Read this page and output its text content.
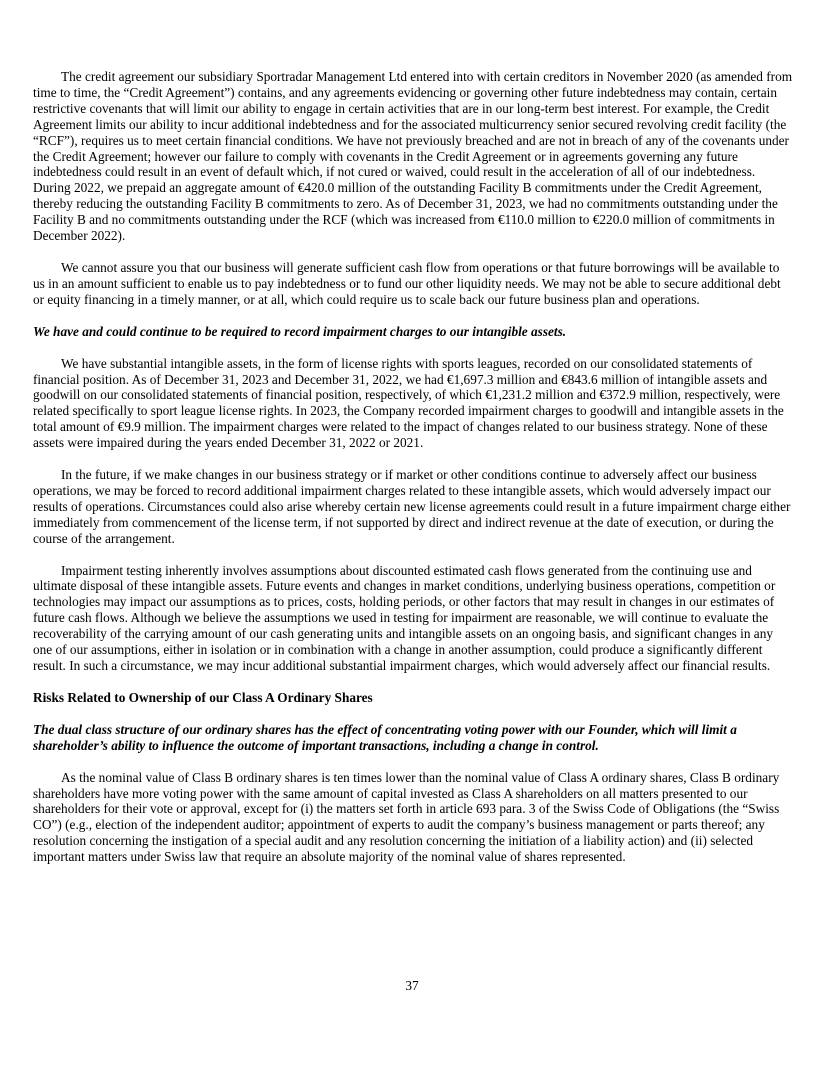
The credit agreement our subsidiary Sportradar Management Ltd entered into with certain creditors in November 2020 (as amended from time to time, the “Credit Agreement”) contains, and any agreements evidencing or governing other future indebtedness may contain, certain restrictive covenants that will limit our ability to engage in certain activities that are in our long-term best interest. For example, the Credit Agreement limits our ability to incur additional indebtedness and for the associated multicurrency senior secured revolving credit facility (the “RCF”), requires us to meet certain financial conditions. We have not previously breached and are not in breach of any of the covenants under the Credit Agreement; however our failure to comply with covenants in the Credit Agreement or in agreements governing any future indebtedness could result in an event of default which, if not cured or waived, could result in the acceleration of all of our indebtedness. During 2022, we prepaid an aggregate amount of €420.0 million of the outstanding Facility B commitments under the Credit Agreement, thereby reducing the outstanding Facility B commitments to zero. As of December 31, 2023, we had no commitments outstanding under the Facility B and no commitments outstanding under the RCF (which was increased from €110.0 million to €220.0 million of commitments in December 2022).

We cannot assure you that our business will generate sufficient cash flow from operations or that future borrowings will be available to us in an amount sufficient to enable us to pay indebtedness or to fund our other liquidity needs. We may not be able to secure additional debt or equity financing in a timely manner, or at all, which could require us to scale back our future business plan and operations.

We have and could continue to be required to record impairment charges to our intangible assets.

We have substantial intangible assets, in the form of license rights with sports leagues, recorded on our consolidated statements of financial position. As of December 31, 2023 and December 31, 2022, we had €1,697.3 million and €843.6 million of intangible assets and goodwill on our consolidated statements of financial position, respectively, of which €1,231.2 million and €372.9 million, respectively, were related specifically to sport league license rights. In 2023, the Company recorded impairment charges to goodwill and intangible assets in the total amount of €9.9 million. The impairment charges were related to the impact of changes related to our business strategy. None of these assets were impaired during the years ended December 31, 2022 or 2021.

In the future, if we make changes in our business strategy or if market or other conditions continue to adversely affect our business operations, we may be forced to record additional impairment charges related to these intangible assets, which would adversely impact our results of operations. Circumstances could also arise whereby certain new license agreements could result in a future impairment charge either immediately from commencement of the license term, if not supported by direct and indirect revenue at the date of execution, or during the course of the arrangement.

Impairment testing inherently involves assumptions about discounted estimated cash flows generated from the continuing use and ultimate disposal of these intangible assets. Future events and changes in market conditions, underlying business operations, competition or technologies may impact our assumptions as to prices, costs, holding periods, or other factors that may result in changes in our estimates of future cash flows. Although we believe the assumptions we used in testing for impairment are reasonable, we will continue to evaluate the recoverability of the carrying amount of our cash generating units and intangible assets on an ongoing basis, and significant changes in any one of our assumptions, either in isolation or in combination with a change in another assumption, could produce a significantly different result. In such a circumstance, we may incur additional substantial impairment charges, which would adversely affect our financial results.

Risks Related to Ownership of our Class A Ordinary Shares

The dual class structure of our ordinary shares has the effect of concentrating voting power with our Founder, which will limit a shareholder’s ability to influence the outcome of important transactions, including a change in control.

As the nominal value of Class B ordinary shares is ten times lower than the nominal value of Class A ordinary shares, Class B ordinary shareholders have more voting power with the same amount of capital invested as Class A shareholders on all matters presented to our shareholders for their vote or approval, except for (i) the matters set forth in article 693 para. 3 of the Swiss Code of Obligations (the “Swiss CO”) (e.g., election of the independent auditor; appointment of experts to audit the company’s business management or parts thereof; any resolution concerning the instigation of a special audit and any resolution concerning the initiation of a liability action) and (ii) selected important matters under Swiss law that require an absolute majority of the nominal value of shares represented.

37
